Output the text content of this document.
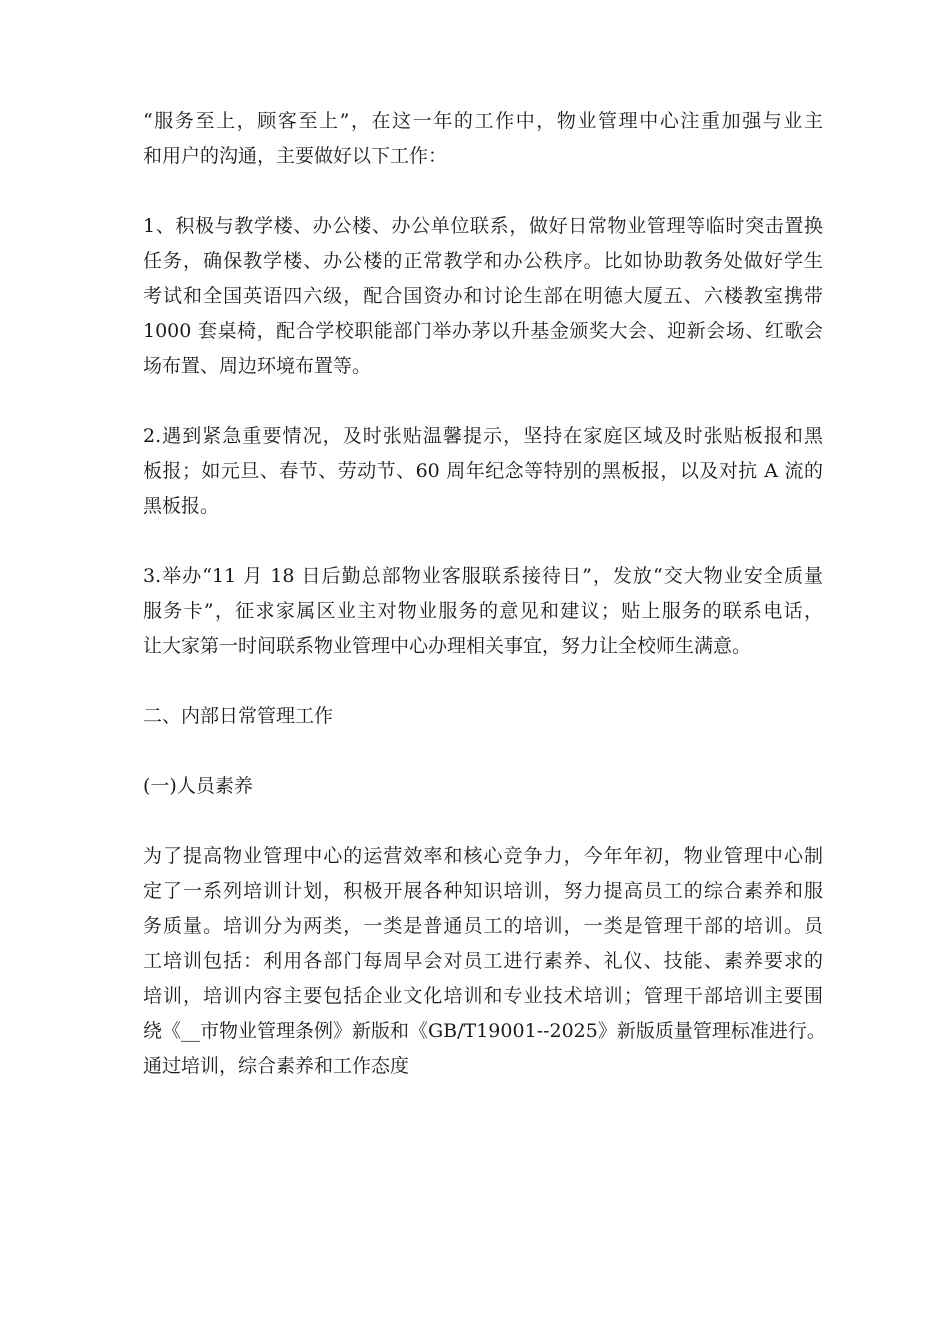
“服务至上，顾客至上”，在这一年的工作中，物业管理中心注重加强与业主
和用户的沟通，主要做好以下工作：

1、积极与教学楼、办公楼、办公单位联系，做好日常物业管理等临时突击置换
任务，确保教学楼、办公楼的正常教学和办公秩序。比如协助教务处做好学生
考试和全国英语四六级，配合国资办和讨论生部在明德大厦五、六楼教室携带
1000 套桌椅，配合学校职能部门举办茅以升基金颁奖大会、迎新会场、红歌会
场布置、周边环境布置等。

2.遇到紧急重要情况，及时张贴温馨提示，坚持在家庭区域及时张贴板报和黑
板报；如元旦、春节、劳动节、60 周年纪念等特别的黑板报，以及对抗 A 流的
黑板报。

3.举办“11 月 18 日后勤总部物业客服联系接待日”，发放“交大物业安全质量
服务卡”，征求家属区业主对物业服务的意见和建议；贴上服务的联系电话，
让大家第一时间联系物业管理中心办理相关事宜，努力让全校师生满意。

二、内部日常管理工作

(一)人员素养

为了提高物业管理中心的运营效率和核心竞争力，今年年初，物业管理中心制
定了一系列培训计划，积极开展各种知识培训，努力提高员工的综合素养和服
务质量。培训分为两类，一类是普通员工的培训，一类是管理干部的培训。员
工培训包括：利用各部门每周早会对员工进行素养、礼仪、技能、素养要求的
培训，培训内容主要包括企业文化培训和专业技术培训；管理干部培训主要围
绕《__市物业管理条例》新版和《GB/T19001--2025》新版质量管理标准进行。
通过培训，综合素养和工作态度
